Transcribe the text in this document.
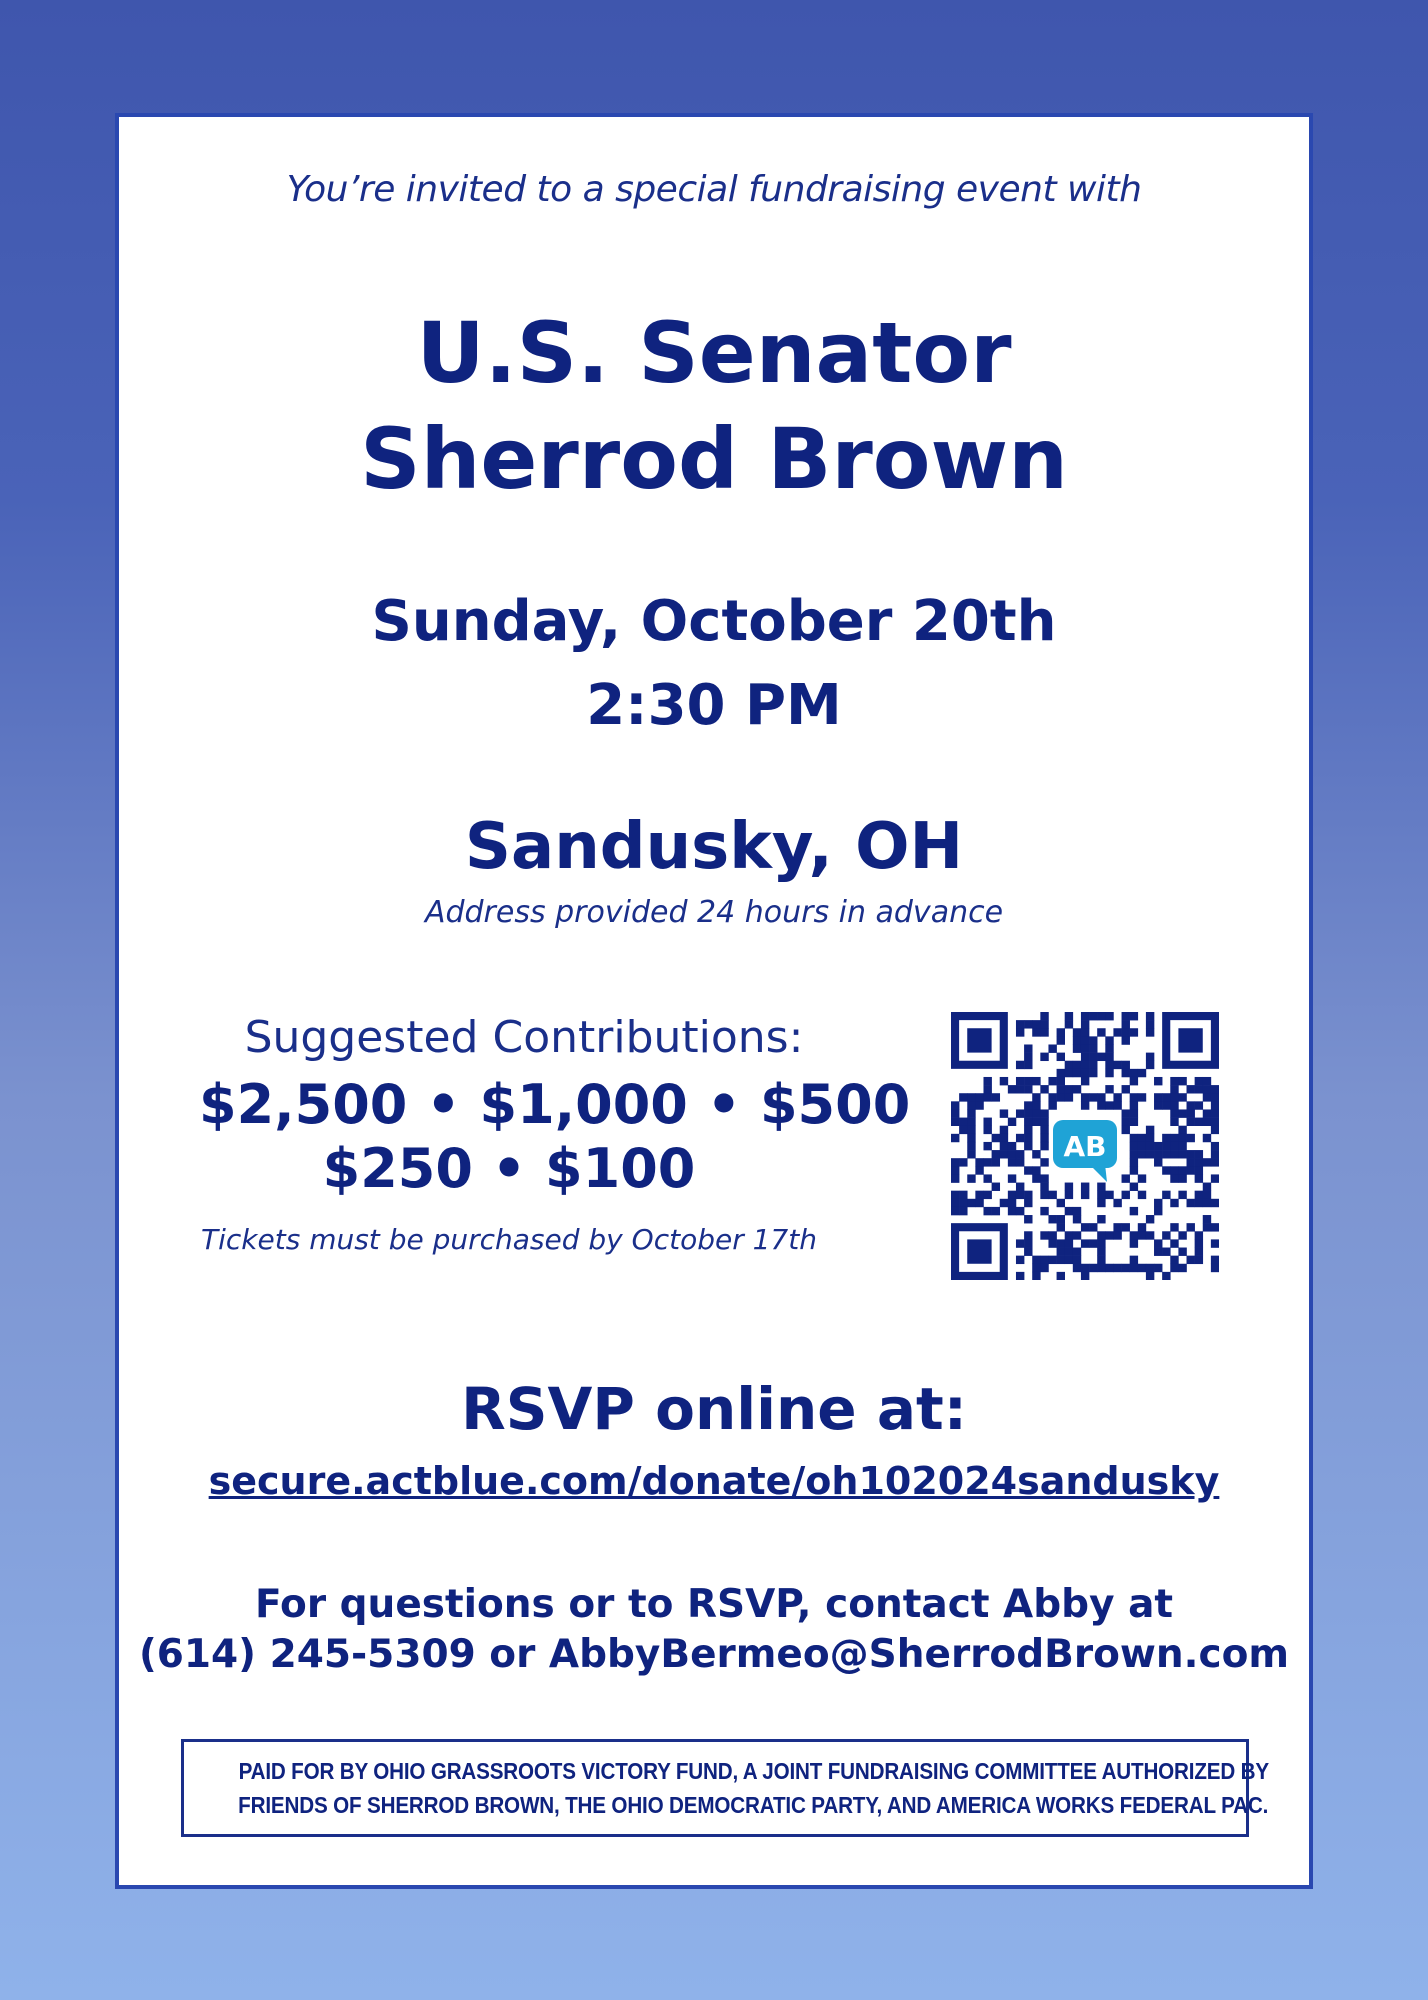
You’re invited to a special fundraising event with
U.S. Senator
Sherrod Brown
Sunday, October 20th
2:30 PM
Sandusky, OH
Address provided 24 hours in advance
Suggested Contributions:
$2,500 • $1,000 • $500
$250 • $100
Tickets must be purchased by October 17th
AB
RSVP online at:
secure.actblue.com/donate/oh102024sandusky
For questions or to RSVP, contact Abby at
(614) 245-5309 or AbbyBermeo@SherrodBrown.com
PAID FOR BY OHIO GRASSROOTS VICTORY FUND, A JOINT FUNDRAISING COMMITTEE AUTHORIZED BY
FRIENDS OF SHERROD BROWN, THE OHIO DEMOCRATIC PARTY, AND AMERICA WORKS FEDERAL PAC.
